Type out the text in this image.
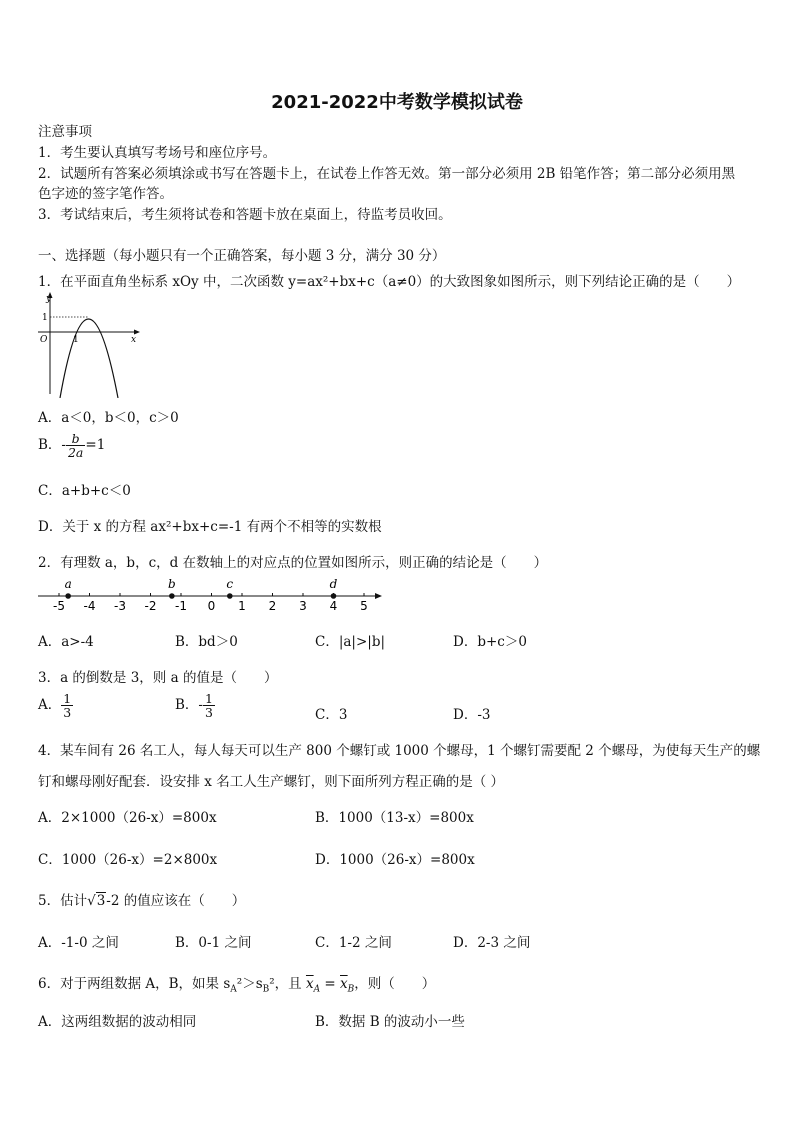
2021-2022中考数学模拟试卷
注意事项
1．考生要认真填写考场号和座位序号。
2．试题所有答案必须填涂或书写在答题卡上，在试卷上作答无效。第一部分必须用 2B 铅笔作答；第二部分必须用黑
色字迹的签字笔作答。
3．考试结束后，考生须将试卷和答题卡放在桌面上，待监考员收回。
一、选择题（每小题只有一个正确答案，每小题 3 分，满分 30 分）
1．在平面直角坐标系 xOy 中，二次函数 y=ax²+bx+c（a≠0）的大致图象如图所示，则下列结论正确的是（　　）
y
x
1
O	1
A．a＜0，b＜0，c＞0
B．- $\frac{b}{2a} =1$
C．a+b+c＜0
D．关于 x 的方程 ax²+bx+c=-1 有两个不相等的实数根
2．有理数 a，b，c，d 在数轴上的对应点的位置如图所示，则正确的结论是（　　）
-5 -4 -3 -2 -1 0 1 2 3 4 5
a	b	c	d
A．a>-4	B．bd＞0	C．|a|>|b|	D．b+c＞0
3．a 的倒数是 3，则 a 的值是（　　）
A． $\frac{1}{3}$	B．- $\frac{1}{3}$	C．3	D．-3
4．某车间有 26 名工人，每人每天可以生产 800 个螺钉或 1000 个螺母，1 个螺钉需要配 2 个螺母，为使每天生产的螺
钉和螺母刚好配套．设安排 x 名工人生产螺钉，则下面所列方程正确的是（ ）
A．2×1000（26-x）=800x	B．1000（13-x）=800x
C．1000（26-x）=2×800x	D．1000（26-x）=800x
5．估计√3-2 的值应该在（　　）
A．-1-0 之间	B．0-1 之间	C．1-2 之间	D．2-3 之间
6．对于两组数据 A，B，如果 $s_A^2>s_B^2$，且 $\overline{x}_A = \overline{x}_B$，则（　　）
A．这两组数据的波动相同	B．数据 B 的波动小一些
